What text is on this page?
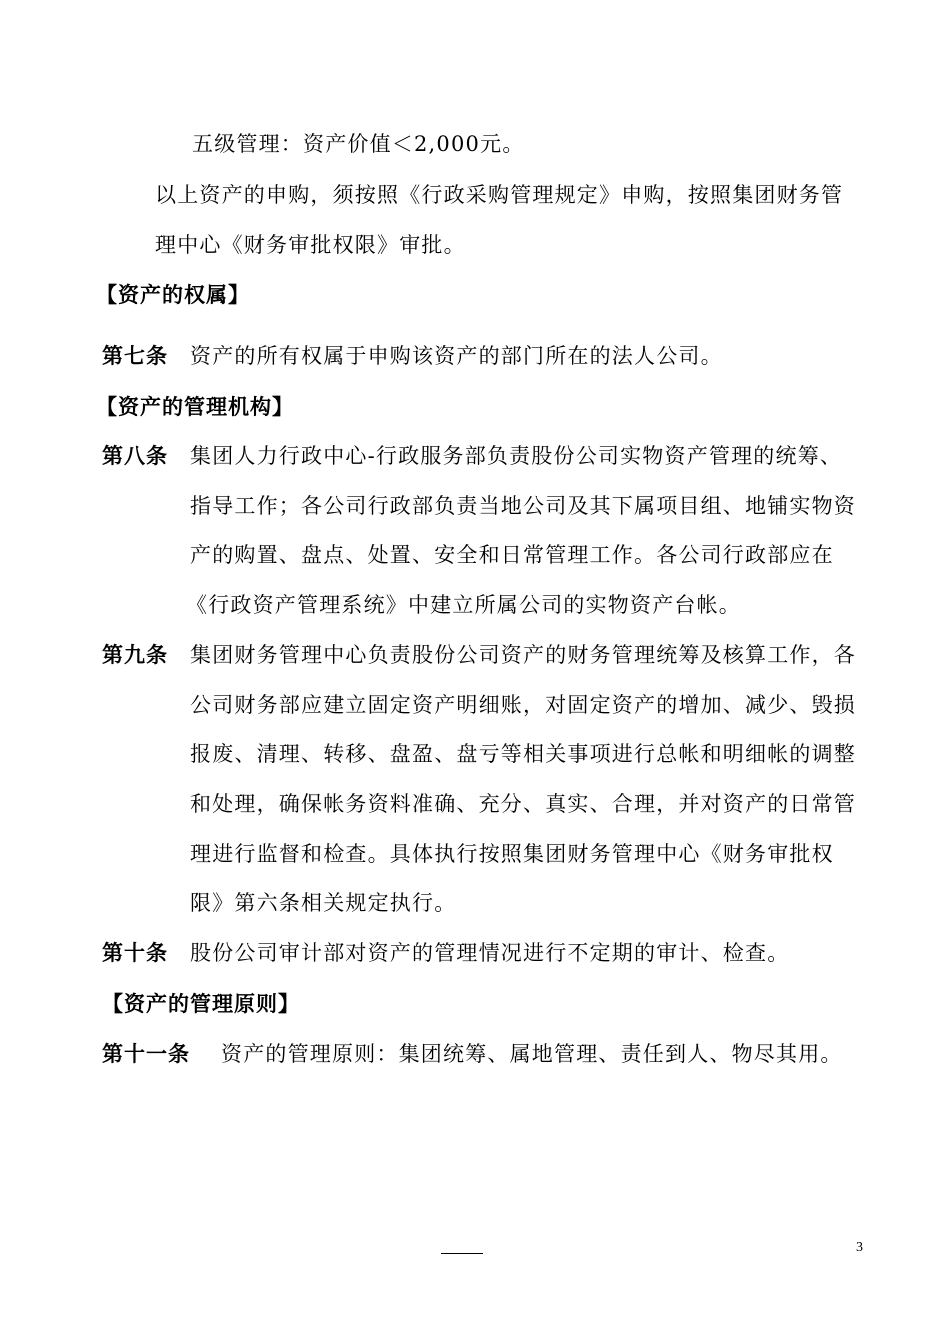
五级管理：资产价值＜2,000元。
以上资产的申购，须按照《行政采购管理规定》申购，按照集团财务管
理中心《财务审批权限》审批。
【资产的权属】
第七条 资产的所有权属于申购该资产的部门所在的法人公司。
【资产的管理机构】
第八条 集团人力行政中心-行政服务部负责股份公司实物资产管理的统筹、
指导工作；各公司行政部负责当地公司及其下属项目组、地铺实物资
产的购置、盘点、处置、安全和日常管理工作。各公司行政部应在
《行政资产管理系统》中建立所属公司的实物资产台帐。
第九条 集团财务管理中心负责股份公司资产的财务管理统筹及核算工作，各
公司财务部应建立固定资产明细账，对固定资产的增加、减少、毁损
报废、清理、转移、盘盈、盘亏等相关事项进行总帐和明细帐的调整
和处理，确保帐务资料准确、充分、真实、合理，并对资产的日常管
理进行监督和检查。具体执行按照集团财务管理中心《财务审批权
限》第六条相关规定执行。
第十条 股份公司审计部对资产的管理情况进行不定期的审计、检查。
【资产的管理原则】
第十一条 资产的管理原则：集团统筹、属地管理、责任到人、物尽其用。
3
